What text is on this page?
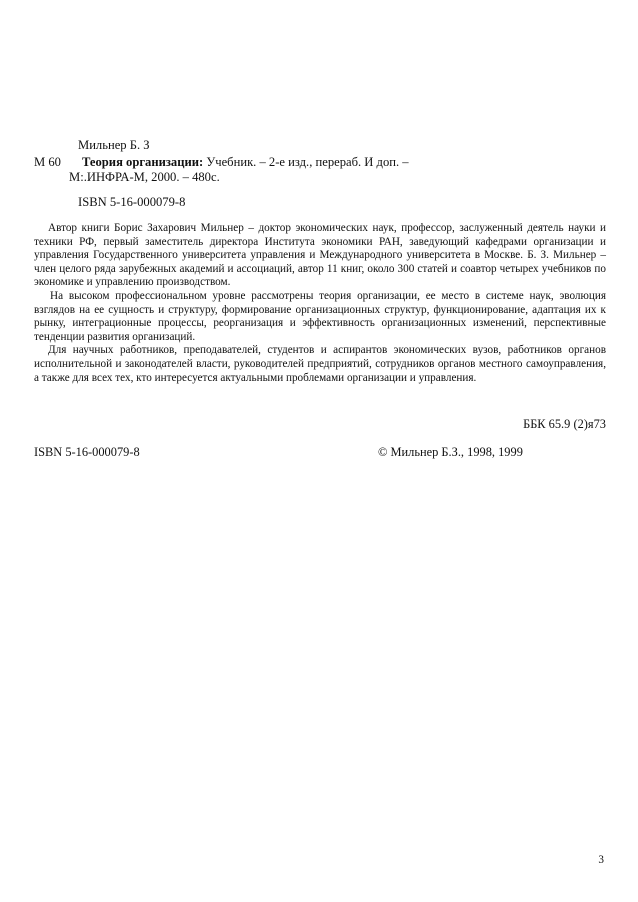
Мильнер Б. З
М 60 Теория организации: Учебник. – 2-е изд., перераб. И доп. –
М:.ИНФРА-М, 2000. – 480с.
ISBN 5-16-000079-8

Автор книги Борис Захарович Мильнер – доктор экономических наук, профессор, заслуженный деятель науки и техники РФ, первый заместитель директора Института экономики РАН, заведующий кафедрами организации и управления Государственного университета управления и Международного университета в Москве. Б. З. Мильнер – член целого ряда зарубежных академий и ассоциаций, автор 11 книг, около 300 статей и соавтор четырех учебников по экономике и управлению производством.

На высоком профессиональном уровне рассмотрены теория организации, ее место в системе наук, эволюция взглядов на ее сущность и структуру, формирование организационных структур, функционирование, адаптация их к рынку, интеграционные процессы, реорганизация и эффективность организационных изменений, перспективные тенденции развития организаций.

Для научных работников, преподавателей, студентов и аспирантов экономических вузов, работников органов исполнительной и законодателей власти, руководителей предприятий, сотрудников органов местного самоуправления, а также для всех тех, кто интересуется актуальными проблемами организации и управления.

ББК 65.9 (2)я73
ISBN 5-16-000079-8	© Мильнер Б.З., 1998, 1999
3
